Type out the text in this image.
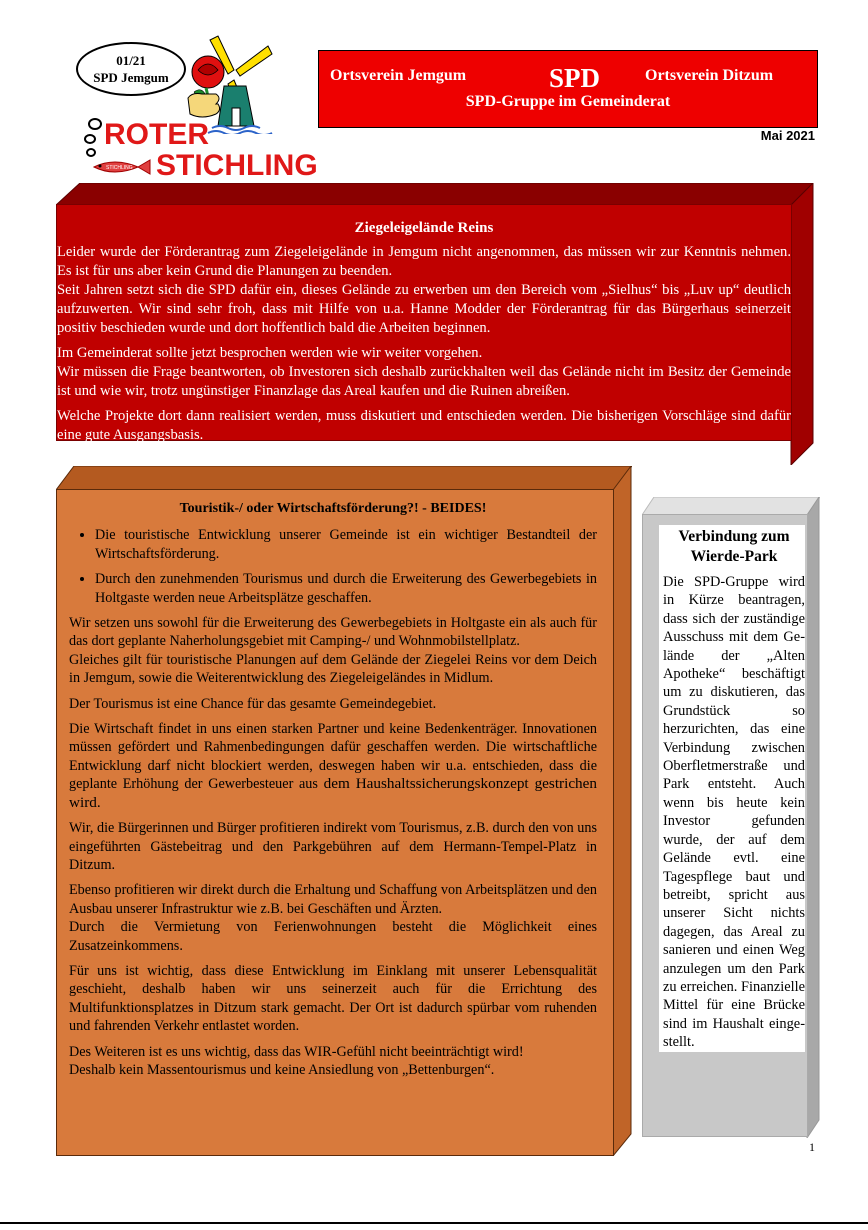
01/21
SPD Jemgum
ROTER
STICHLING STICHLING
Ortsverein Jemgum	SPD	Ortsverein Ditzum
SPD-Gruppe im Gemeinderat
Mai 2021
Ziegeleigelände Reins

Leider wurde der Förderantrag zum Ziegeleigelände in Jemgum nicht angenommen, das müssen wir zur Kenntnis nehmen. Es ist für uns aber kein Grund die Planungen zu beenden.

Seit Jahren setzt sich die SPD dafür ein, dieses Gelände zu erwerben um den Bereich vom „Sielhus“ bis „Luv up“ deutlich aufzuwerten. Wir sind sehr froh, dass mit Hilfe von u.a. Hanne Modder der Förderantrag für das Bürgerhaus seinerzeit positiv beschieden wurde und dort hoffentlich bald die Arbeiten beginnen.

Im Gemeinderat sollte jetzt besprochen werden wie wir weiter vorgehen.

Wir müssen die Frage beantworten, ob Investoren sich deshalb zurückhalten weil das Gelände nicht im Besitz der Gemeinde ist und wie wir, trotz ungünstiger Finanzlage das Areal kaufen und die Ruinen abreißen.

Welche Projekte dort dann realisiert werden, muss diskutiert und entschieden werden. Die bisherigen Vorschläge sind dafür eine gute Ausgangsbasis.

Touristik-/ oder Wirtschaftsförderung?! - BEIDES!
• Die touristische Entwicklung unserer Gemeinde ist ein wichtiger Bestandteil der Wirtschaftsförderung.
• Durch den zunehmenden Tourismus und durch die Erweiterung des Gewerbegebiets in Holtgaste werden neue Arbeitsplätze geschaffen.

Wir setzen uns sowohl für die Erweiterung des Gewerbegebiets in Holtgaste ein als auch für das dort geplante Naherholungsgebiet mit Camping-/ und Wohnmobilstellplatz.

Gleiches gilt für touristische Planungen auf dem Gelände der Ziegelei Reins vor dem Deich in Jemgum, sowie die Weiterentwicklung des Ziegeleigeländes in Midlum.

Der Tourismus ist eine Chance für das gesamte Gemeindegebiet.

Die Wirtschaft findet in uns einen starken Partner und keine Bedenkenträger. Innovationen müssen gefördert und Rahmenbedingungen dafür geschaffen werden. Die wirtschaftliche Entwicklung darf nicht blockiert werden, deswegen haben wir u.a. entschieden, dass die geplante Erhöhung der Gewerbesteuer aus dem Haushaltssicherungskonzept gestrichen wird.

Wir, die Bürgerinnen und Bürger profitieren indirekt vom Tourismus, z.B. durch den von uns eingeführten Gästebeitrag und den Parkgebühren auf dem Hermann-Tempel-Platz in Ditzum.

Ebenso profitieren wir direkt durch die Erhaltung und Schaffung von Arbeitsplätzen und den Ausbau unserer Infrastruktur wie z.B. bei Geschäften und Ärzten.

Durch die Vermietung von Ferienwohnungen besteht die Möglichkeit eines Zusatzeinkommens.

Für uns ist wichtig, dass diese Entwicklung im Einklang mit unserer Lebensqualität geschieht, deshalb haben wir uns seinerzeit auch für die Errichtung des Multifunktionsplatzes in Ditzum stark gemacht. Der Ort ist dadurch spürbar vom ruhenden und fahrenden Verkehr entlastet worden.

Des Weiteren ist es uns wichtig, dass das WIR-Gefühl nicht beeinträchtigt wird!

Deshalb kein Massentourismus und keine Ansiedlung von „Bettenburgen“.

Verbindung zum Wierde-Park

Die SPD-Gruppe wird in Kürze beantragen, dass sich der zuständige Ausschuss mit dem Gelände der „Alten Apotheke“ beschäftigt um zu diskutieren, das Grundstück so herzurichten, das eine Verbindung zwischen Oberfletmerstraße und Park entsteht. Auch wenn bis heute kein Investor gefunden wurde, der auf dem Gelände evtl. eine Tagespflege baut und betreibt, spricht aus unserer Sicht nichts dagegen, das Areal zu sanieren und einen Weg anzulegen um den Park zu erreichen. Finanzielle Mittel für eine Brücke sind im Haushalt eingestellt.

1
